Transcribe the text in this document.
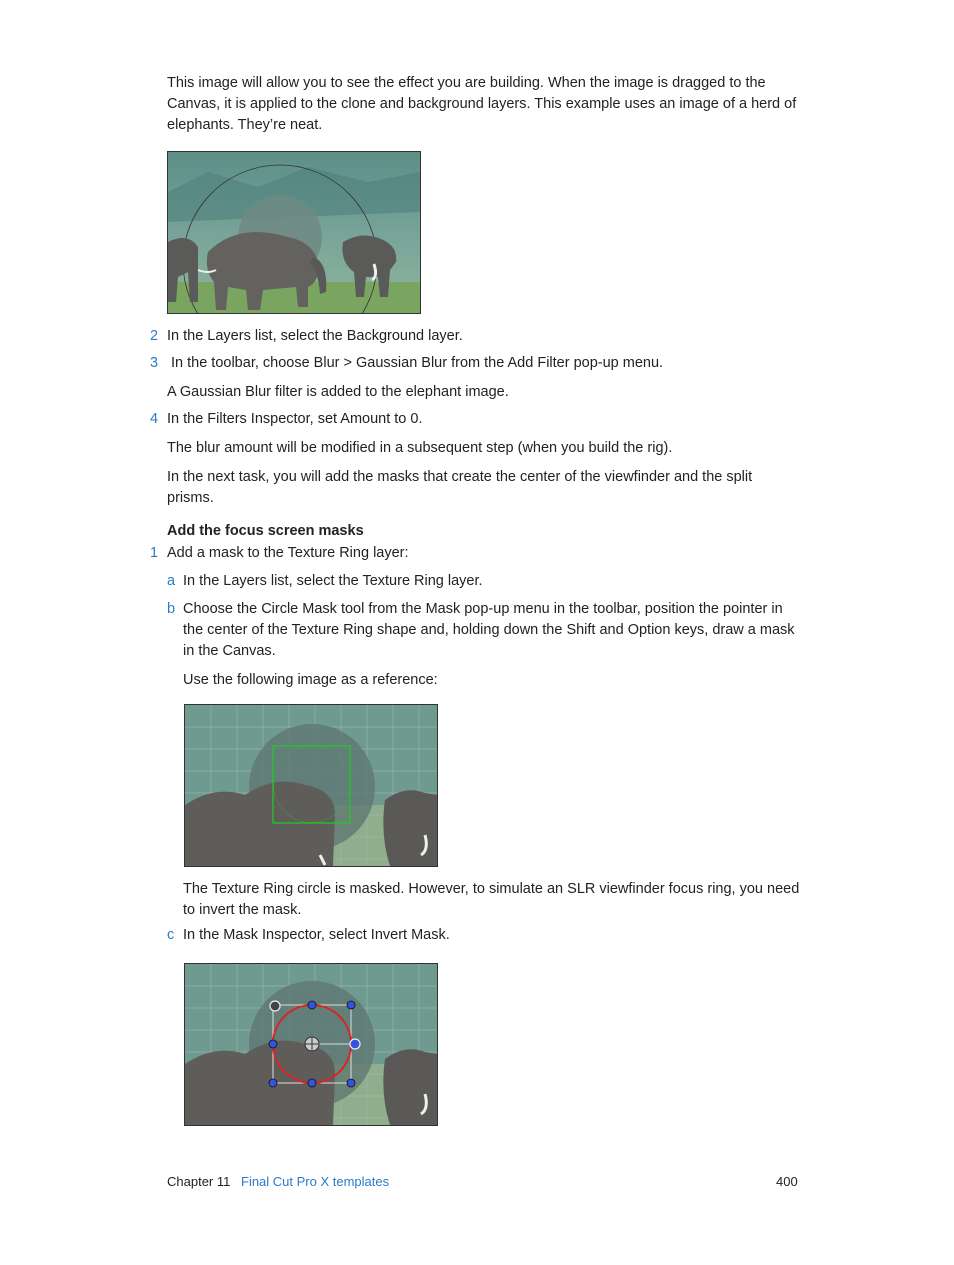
This image will allow you to see the effect you are building. When the image is dragged to the Canvas, it is applied to the clone and background layers. This example uses an image of a herd of elephants. They’re neat.

2 In the Layers list, select the Background layer.

3 In the toolbar, choose Blur > Gaussian Blur from the Add Filter pop-up menu.

A Gaussian Blur filter is added to the elephant image.

4 In the Filters Inspector, set Amount to 0.

The blur amount will be modified in a subsequent step (when you build the rig).

In the next task, you will add the masks that create the center of the viewfinder and the split prisms.

Add the focus screen masks

1 Add a mask to the Texture Ring layer:

a In the Layers list, select the Texture Ring layer.

b Choose the Circle Mask tool from the Mask pop-up menu in the toolbar, position the pointer in the center of the Texture Ring shape and, holding down the Shift and Option keys, draw a mask in the Canvas.

Use the following image as a reference:

The Texture Ring circle is masked. However, to simulate an SLR viewfinder focus ring, you need to invert the mask.

c In the Mask Inspector, select Invert Mask.

Chapter 11 Final Cut Pro X templates	400
